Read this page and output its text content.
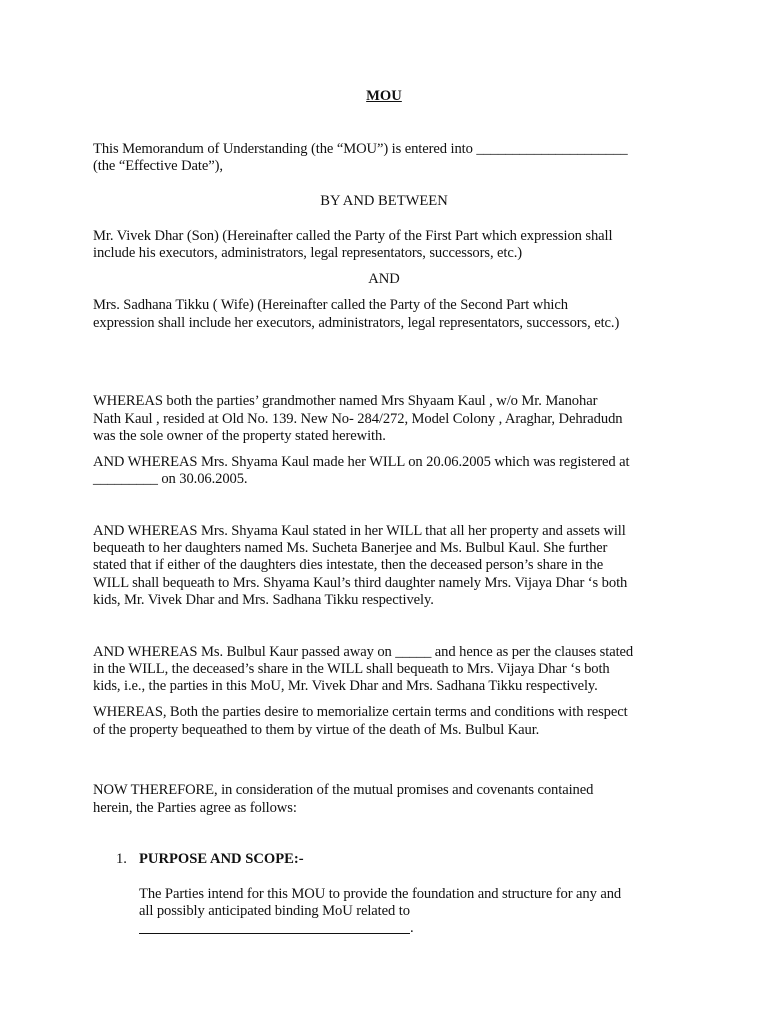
MOU
This Memorandum of Understanding (the “MOU”) is entered into _____________________
(the “Effective Date”),
BY AND BETWEEN
Mr. Vivek Dhar (Son) (Hereinafter called the Party of the First Part which expression shall
include his executors, administrators, legal representators, successors, etc.)
AND
Mrs. Sadhana Tikku ( Wife) (Hereinafter called the Party of the Second Part which
expression shall include her executors, administrators, legal representators, successors, etc.)
WHEREAS both the parties’ grandmother named Mrs Shyaam Kaul , w/o Mr. Manohar
Nath Kaul , resided at Old No. 139. New No- 284/272, Model Colony , Araghar, Dehradudn
was the sole owner of the property stated herewith.
AND WHEREAS Mrs. Shyama Kaul made her WILL on 20.06.2005 which was registered at
_________ on 30.06.2005.
AND WHEREAS Mrs. Shyama Kaul stated in her WILL that all her property and assets will
bequeath to her daughters named Ms. Sucheta Banerjee and Ms. Bulbul Kaul. She further
stated that if either of the daughters dies intestate, then the deceased person’s share in the
WILL shall bequeath to Mrs. Shyama Kaul’s third daughter namely Mrs. Vijaya Dhar ‘s both
kids, Mr. Vivek Dhar and Mrs. Sadhana Tikku respectively.
AND WHEREAS Ms. Bulbul Kaur passed away on _____ and hence as per the clauses stated
in the WILL, the deceased’s share in the WILL shall bequeath to Mrs. Vijaya Dhar ‘s both
kids, i.e., the parties in this MoU, Mr. Vivek Dhar and Mrs. Sadhana Tikku respectively.
WHEREAS, Both the parties desire to memorialize certain terms and conditions with respect
of the property bequeathed to them by virtue of the death of Ms. Bulbul Kaur.
NOW THEREFORE, in consideration of the mutual promises and covenants contained
herein, the Parties agree as follows:
1. PURPOSE AND SCOPE:-
The Parties intend for this MOU to provide the foundation and structure for any and
all possibly anticipated binding MoU related to
.
